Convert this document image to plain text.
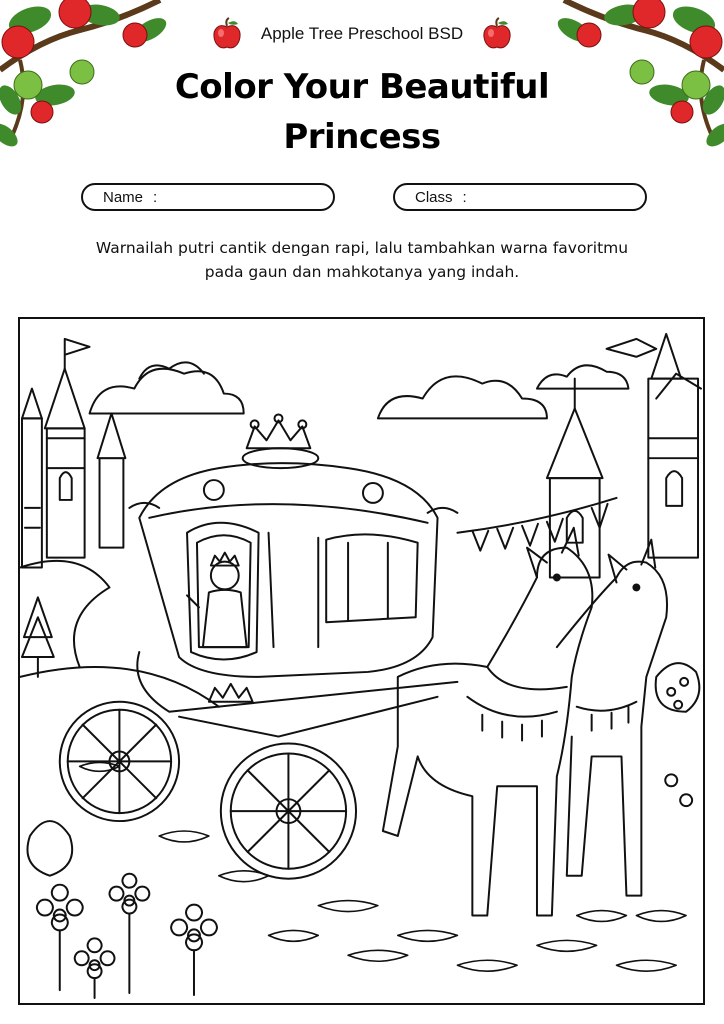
Apple Tree Preschool BSD
Color Your Beautiful
Princess
Name :	Class :
Warnailah putri cantik dengan rapi, lalu tambahkan warna favoritmu
pada gaun dan mahkotanya yang indah.
